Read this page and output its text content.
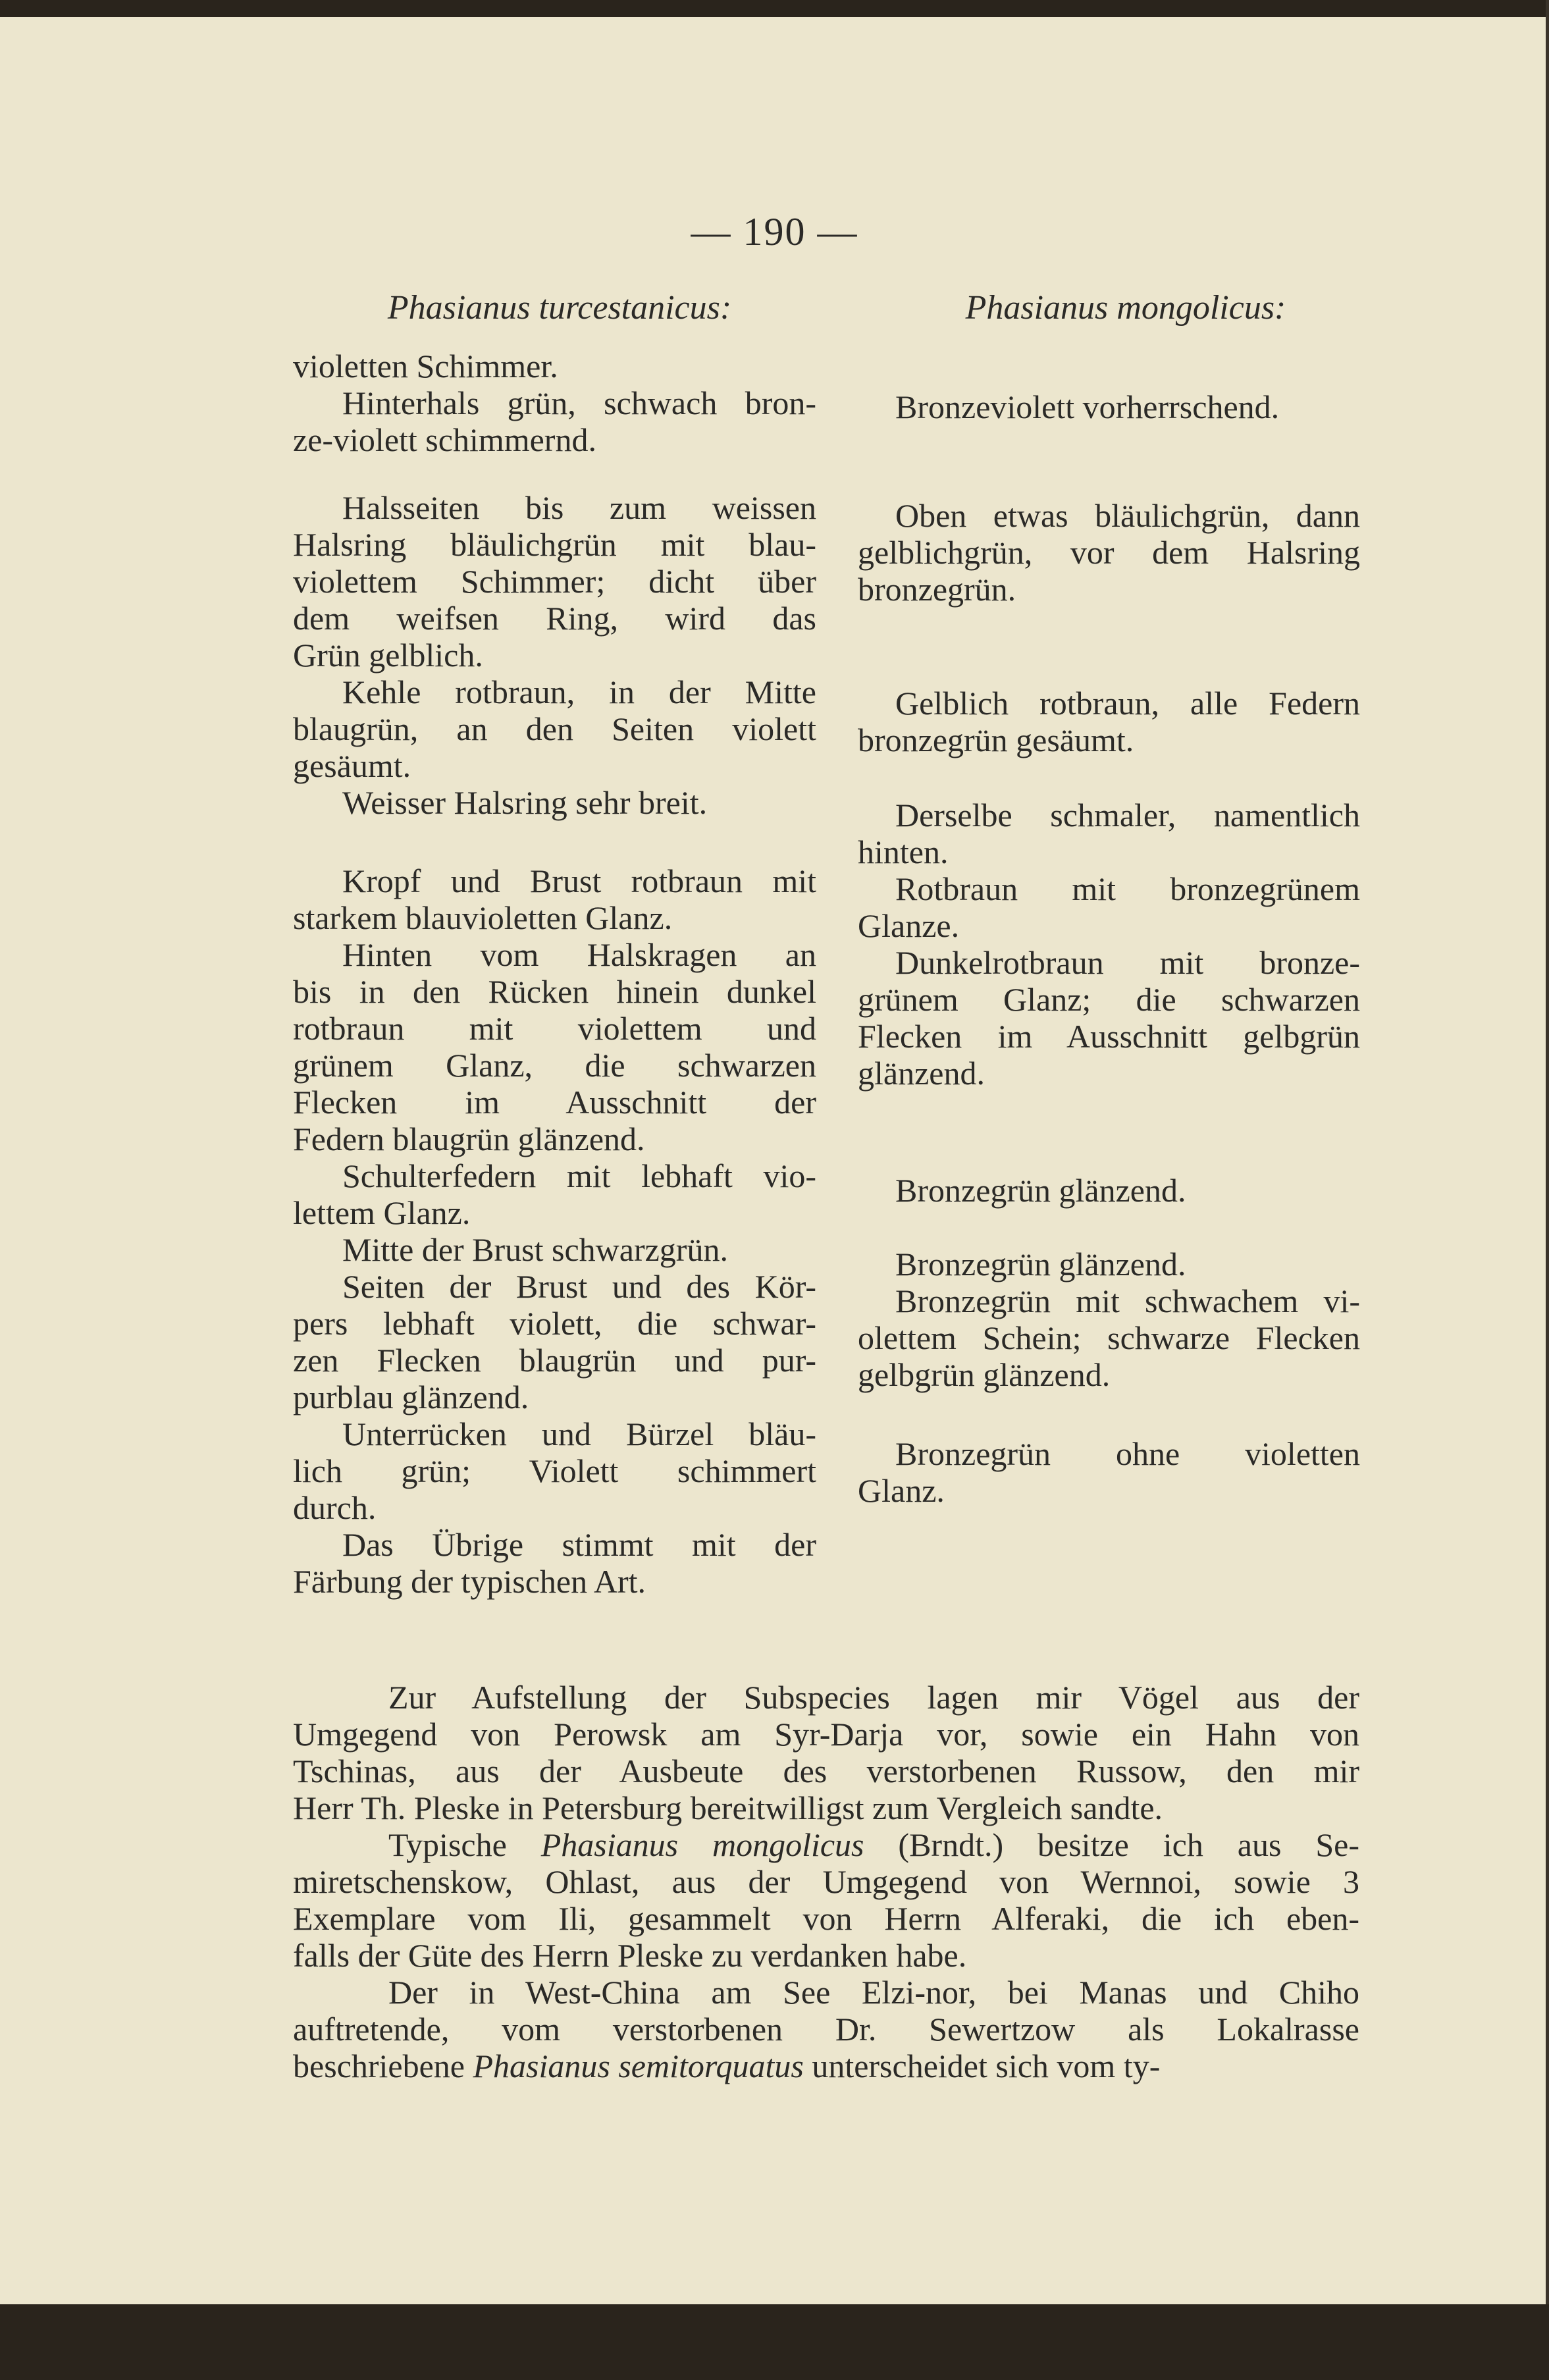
— 190 —
Phasianus turcestanicus:	Phasianus mongolicus:
violetten Schimmer.
Hinterhals grün, schwach bron-
ze-violett schimmernd.
Halsseiten bis zum weissen
Halsring bläulichgrün mit blau-
violettem Schimmer; dicht über
dem weifsen Ring, wird das
Grün gelblich.
Kehle rotbraun, in der Mitte
blaugrün, an den Seiten violett
gesäumt.
Weisser Halsring sehr breit.
Kropf und Brust rotbraun mit
starkem blauvioletten Glanz.
Hinten vom Halskragen an
bis in den Rücken hinein dunkel
rotbraun mit violettem und
grünem Glanz, die schwarzen
Flecken im Ausschnitt der
Federn blaugrün glänzend.
Schulterfedern mit lebhaft vio-
lettem Glanz.
Mitte der Brust schwarzgrün.
Seiten der Brust und des Kör-
pers lebhaft violett, die schwar-
zen Flecken blaugrün und pur-
purblau glänzend.
Unterrücken und Bürzel bläu-
lich grün; Violett schimmert
durch.
Das Übrige stimmt mit der
Färbung der typischen Art.
Bronzeviolett vorherrschend.
Oben etwas bläulichgrün, dann
gelblichgrün, vor dem Halsring
bronzegrün.
Gelblich rotbraun, alle Federn
bronzegrün gesäumt.
Derselbe schmaler, namentlich
hinten.
Rotbraun mit bronzegrünem
Glanze.
Dunkelrotbraun mit bronze-
grünem Glanz; die schwarzen
Flecken im Ausschnitt gelbgrün
glänzend.
Bronzegrün glänzend.
Bronzegrün glänzend.
Bronzegrün mit schwachem vi-
olettem Schein; schwarze Flecken
gelbgrün glänzend.
Bronzegrün ohne violetten
Glanz.
Zur Aufstellung der Subspecies lagen mir Vögel aus der
Umgegend von Perowsk am Syr-Darja vor, sowie ein Hahn von
Tschinas, aus der Ausbeute des verstorbenen Russow, den mir
Herr Th. Pleske in Petersburg bereitwilligst zum Vergleich sandte.
Typische Phasianus mongolicus (Brndt.) besitze ich aus Se-
miretschenskow, Ohlast, aus der Umgegend von Wernnoi, sowie 3
Exemplare vom Ili, gesammelt von Herrn Alferaki, die ich eben-
falls der Güte des Herrn Pleske zu verdanken habe.
Der in West-China am See Elzi-nor, bei Manas und Chiho
auftretende, vom verstorbenen Dr. Sewertzow als Lokalrasse
beschriebene Phasianus semitorquatus unterscheidet sich vom ty-
